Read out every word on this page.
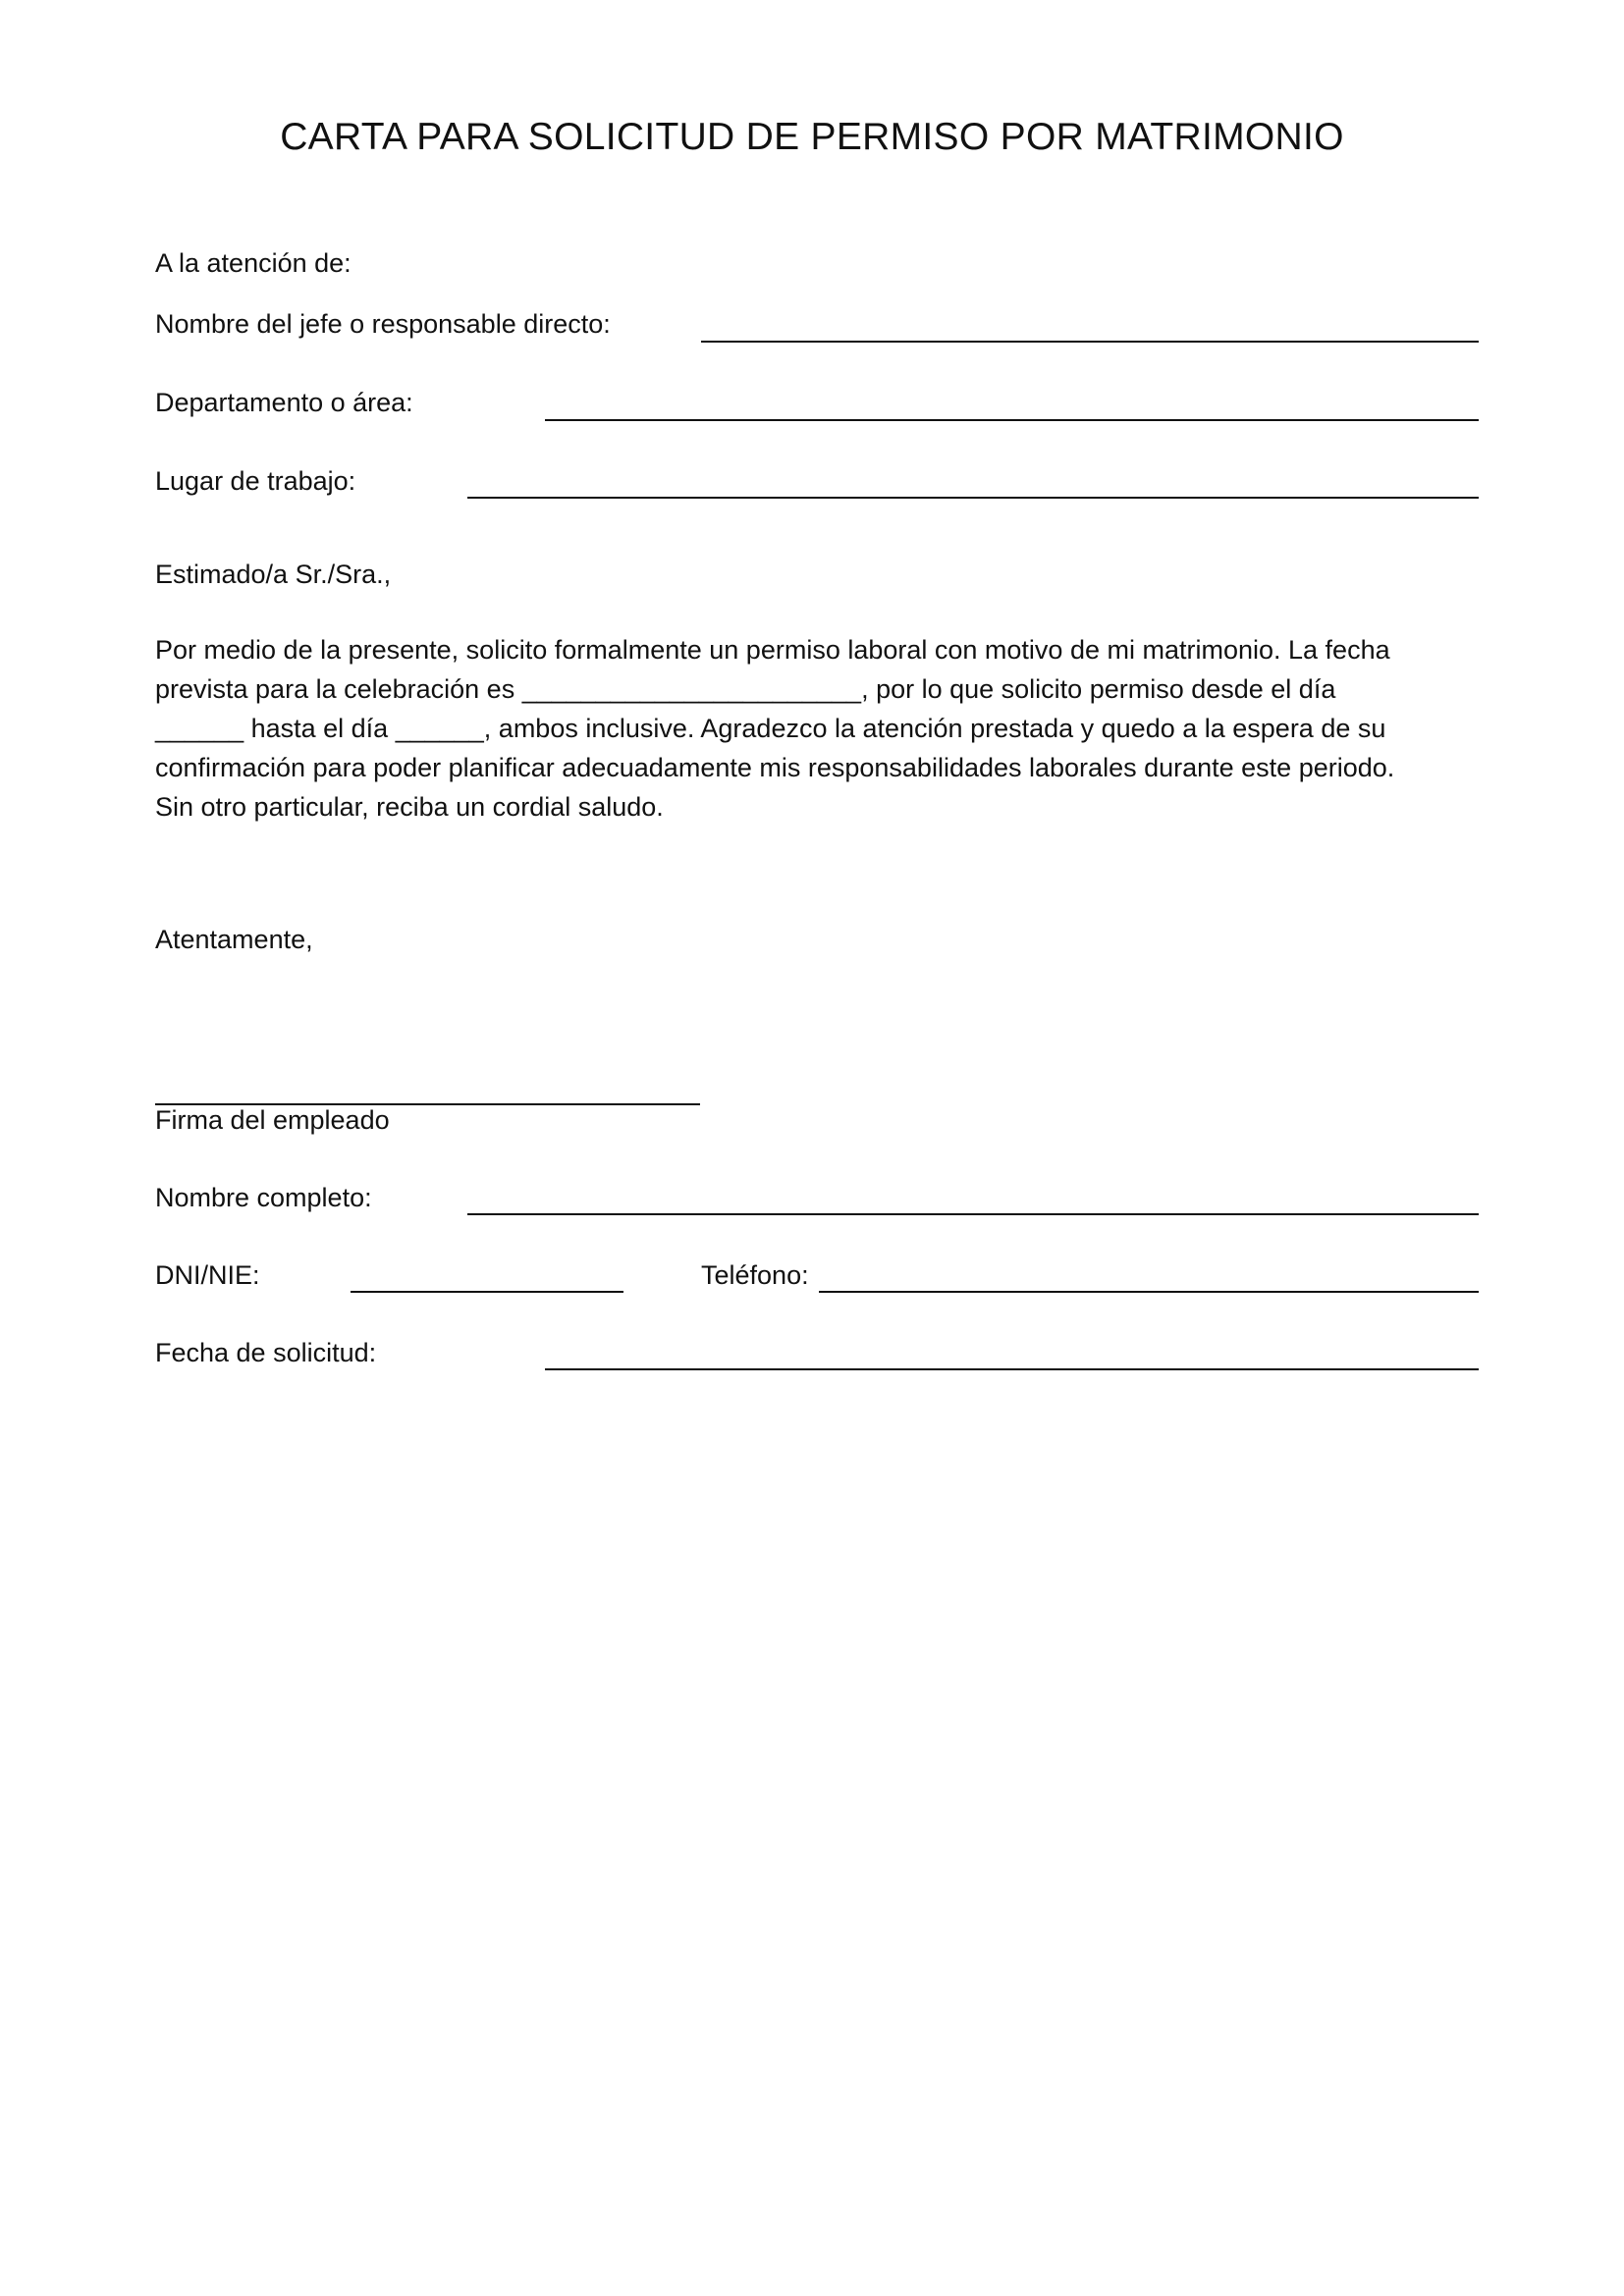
CARTA PARA SOLICITUD DE PERMISO POR MATRIMONIO
A la atención de:
Nombre del jefe o responsable directo:
Departamento o área:
Lugar de trabajo:
Estimado/a Sr./Sra.,
Por medio de la presente, solicito formalmente un permiso laboral con motivo de mi matrimonio. La fecha
prevista para la celebración es _______________________, por lo que solicito permiso desde el día
______ hasta el día ______, ambos inclusive. Agradezco la atención prestada y quedo a la espera de su
confirmación para poder planificar adecuadamente mis responsabilidades laborales durante este periodo.
Sin otro particular, reciba un cordial saludo.
Atentamente,
Firma del empleado
Nombre completo:
DNI/NIE:	Teléfono:
Fecha de solicitud:
